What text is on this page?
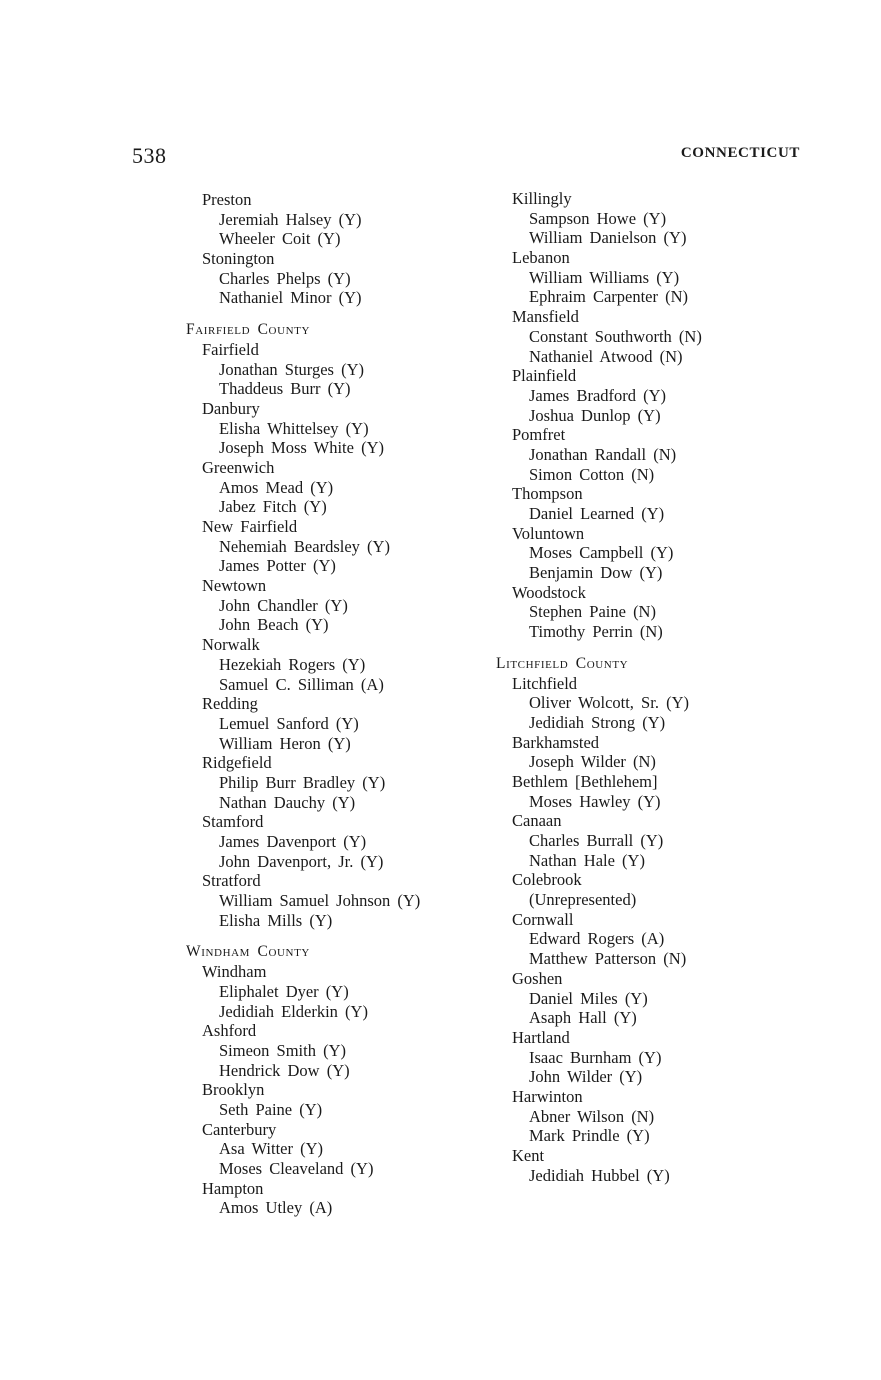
538	CONNECTICUT
Preston
Jeremiah Halsey (Y)
Wheeler Coit (Y)
Stonington
Charles Phelps (Y)
Nathaniel Minor (Y)
Fairfield County
Fairfield
Jonathan Sturges (Y)
Thaddeus Burr (Y)
Danbury
Elisha Whittelsey (Y)
Joseph Moss White (Y)
Greenwich
Amos Mead (Y)
Jabez Fitch (Y)
New Fairfield
Nehemiah Beardsley (Y)
James Potter (Y)
Newtown
John Chandler (Y)
John Beach (Y)
Norwalk
Hezekiah Rogers (Y)
Samuel C. Silliman (A)
Redding
Lemuel Sanford (Y)
William Heron (Y)
Ridgefield
Philip Burr Bradley (Y)
Nathan Dauchy (Y)
Stamford
James Davenport (Y)
John Davenport, Jr. (Y)
Stratford
William Samuel Johnson (Y)
Elisha Mills (Y)
Windham County
Windham
Eliphalet Dyer (Y)
Jedidiah Elderkin (Y)
Ashford
Simeon Smith (Y)
Hendrick Dow (Y)
Brooklyn
Seth Paine (Y)
Canterbury
Asa Witter (Y)
Moses Cleaveland (Y)
Hampton
Amos Utley (A)
Killingly
Sampson Howe (Y)
William Danielson (Y)
Lebanon
William Williams (Y)
Ephraim Carpenter (N)
Mansfield
Constant Southworth (N)
Nathaniel Atwood (N)
Plainfield
James Bradford (Y)
Joshua Dunlop (Y)
Pomfret
Jonathan Randall (N)
Simon Cotton (N)
Thompson
Daniel Learned (Y)
Voluntown
Moses Campbell (Y)
Benjamin Dow (Y)
Woodstock
Stephen Paine (N)
Timothy Perrin (N)
Litchfield County
Litchfield
Oliver Wolcott, Sr. (Y)
Jedidiah Strong (Y)
Barkhamsted
Joseph Wilder (N)
Bethlem [Bethlehem]
Moses Hawley (Y)
Canaan
Charles Burrall (Y)
Nathan Hale (Y)
Colebrook
(Unrepresented)
Cornwall
Edward Rogers (A)
Matthew Patterson (N)
Goshen
Daniel Miles (Y)
Asaph Hall (Y)
Hartland
Isaac Burnham (Y)
John Wilder (Y)
Harwinton
Abner Wilson (N)
Mark Prindle (Y)
Kent
Jedidiah Hubbel (Y)
